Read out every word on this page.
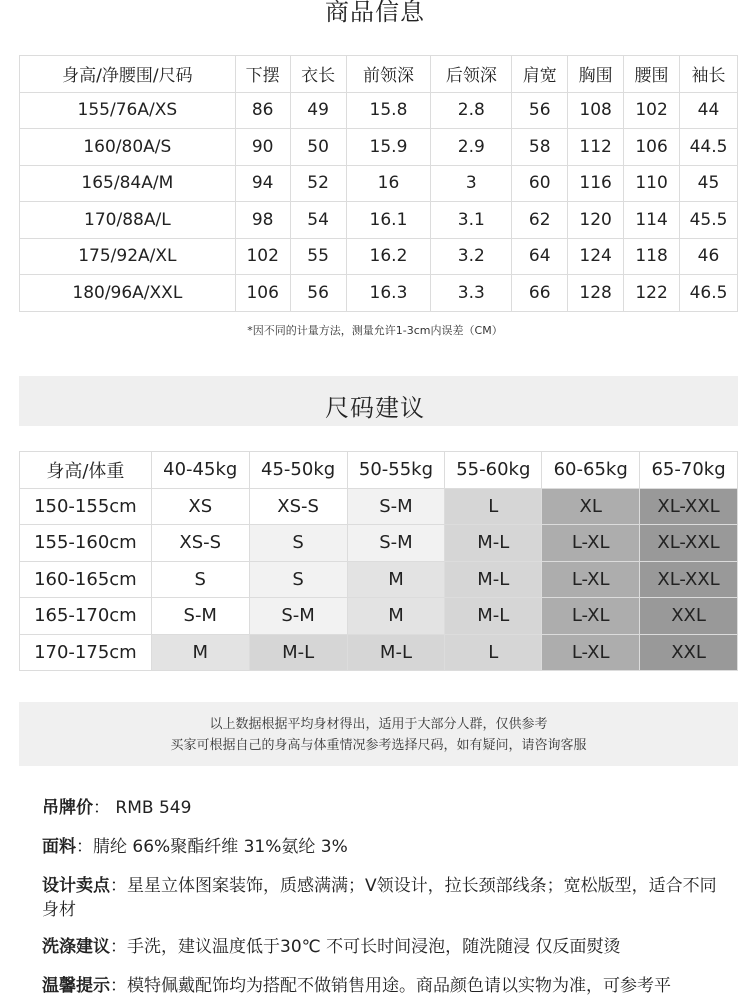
商品信息
身高/净腰围/尺码	下摆	衣长	前领深	后领深	肩宽	胸围	腰围	袖长
155/76A/XS	86	49	15.8	2.8	56	108	102	44
160/80A/S	90	50	15.9	2.9	58	112	106	44.5
165/84A/M	94	52	16	3	60	116	110	45
170/88A/L	98	54	16.1	3.1	62	120	114	45.5
175/92A/XL	102	55	16.2	3.2	64	124	118	46
180/96A/XXL	106	56	16.3	3.3	66	128	122	46.5
*因不同的计量方法，测量允许1-3cm内误差（CM）
尺码建议
身高/体重	40-45kg	45-50kg	50-55kg	55-60kg	60-65kg	65-70kg
150-155cm	XS	XS-S	S-M	L	XL	XL-XXL
155-160cm	XS-S	S	S-M	M-L	L-XL	XL-XXL
160-165cm	S	S	M	M-L	L-XL	XL-XXL
165-170cm	S-M	S-M	M	M-L	L-XL	XXL
170-175cm	M	M-L	M-L	L	L-XL	XXL
以上数据根据平均身材得出，适用于大部分人群，仅供参考
买家可根据自己的身高与体重情况参考选择尺码，如有疑问，请咨询客服
吊牌价： RMB 549
面料：腈纶 66%聚酯纤维 31%氨纶 3%
设计卖点：星星立体图案装饰，质感满满；V领设计，拉长颈部线条；宽松版型，适合不同身材
洗涤建议：手洗，建议温度低于30℃ 不可长时间浸泡，随洗随浸 仅反面熨烫
温馨提示：模特佩戴配饰均为搭配不做销售用途。商品颜色请以实物为准，可参考平
